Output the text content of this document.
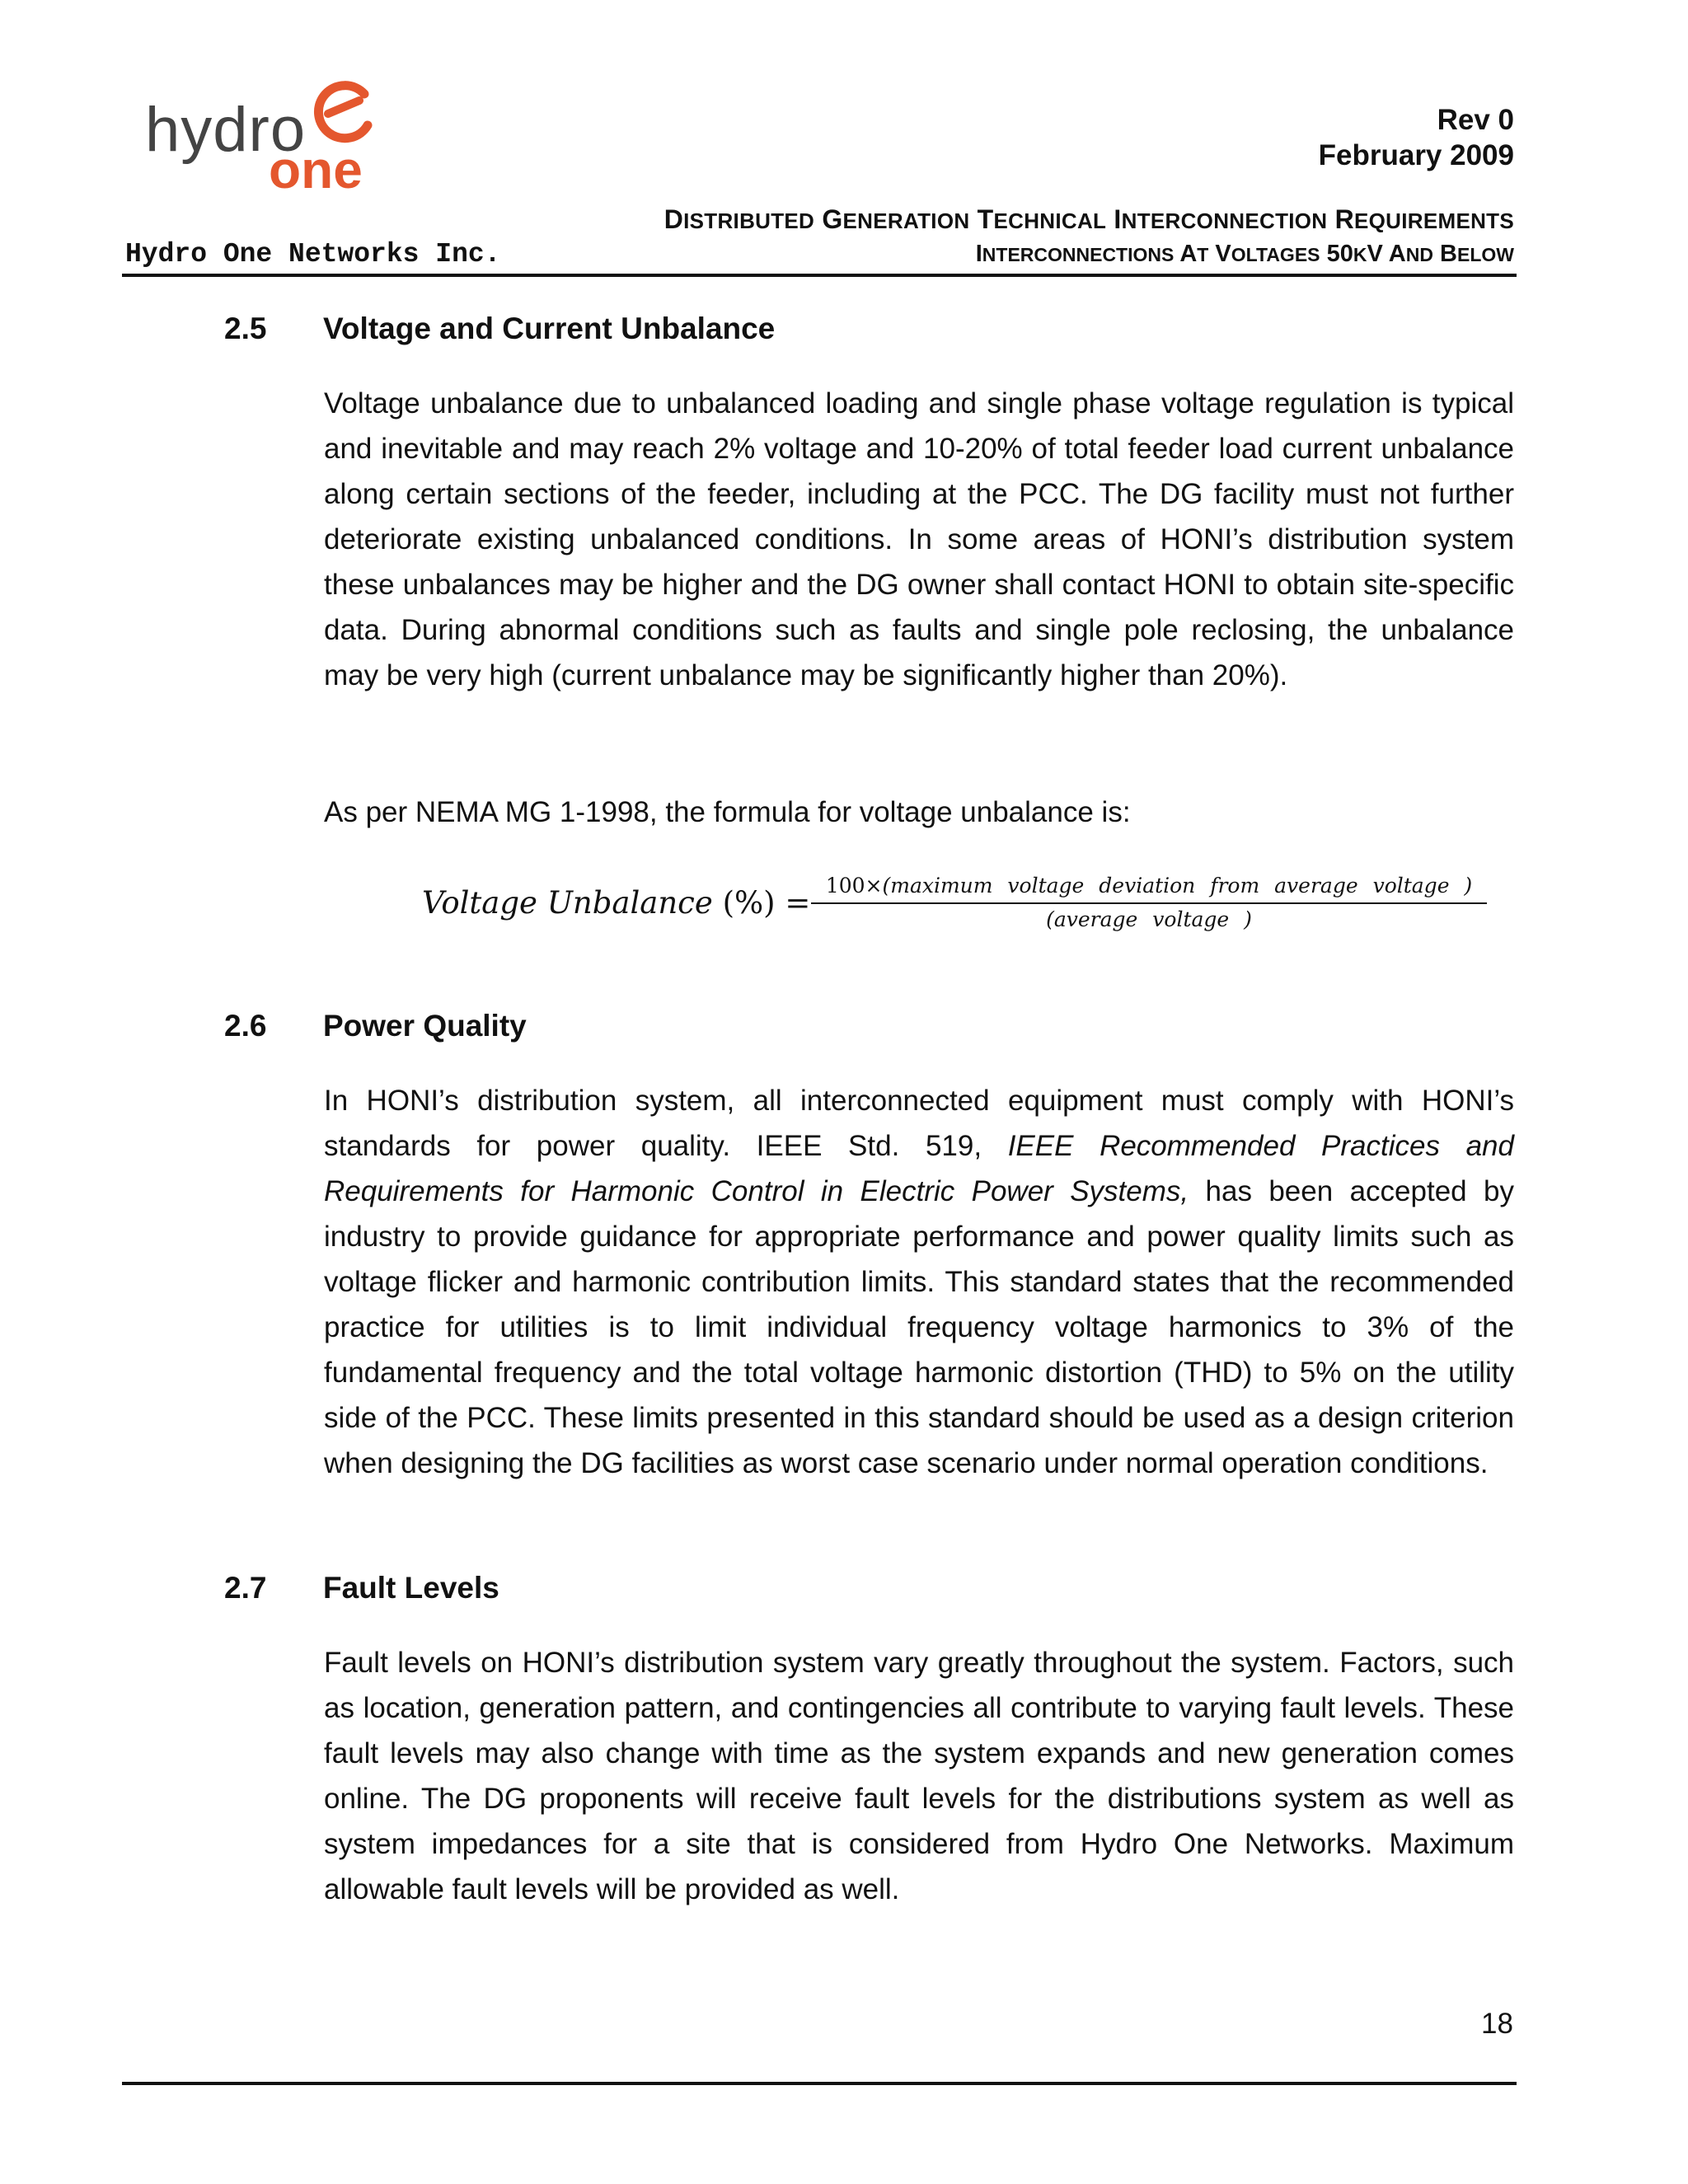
hydro
one
Rev 0
February 2009
DISTRIBUTED GENERATION TECHNICAL INTERCONNECTION REQUIREMENTS
Hydro One Networks Inc.	INTERCONNECTIONS AT VOLTAGES 50KV AND BELOW
2.5 Voltage and Current Unbalance

Voltage unbalance due to unbalanced loading and single phase voltage regulation is typical and inevitable and may reach 2% voltage and 10-20% of total feeder load current unbalance along certain sections of the feeder, including at the PCC. The DG facility must not further deteriorate existing unbalanced conditions. In some areas of HONI’s distribution system these unbalances may be higher and the DG owner shall contact HONI to obtain site-specific data. During abnormal conditions such as faults and single pole reclosing, the unbalance may be very high (current unbalance may be significantly higher than 20%).

As per NEMA MG 1-1998, the formula for voltage unbalance is:
Voltage Unbalance (%) = 100×(maximum voltage deviation from average voltage )
(average voltage )
2.6 Power Quality

In HONI’s distribution system, all interconnected equipment must comply with HONI’s standards for power quality. IEEE Std. 519, IEEE Recommended Practices and Requirements for Harmonic Control in Electric Power Systems, has been accepted by industry to provide guidance for appropriate performance and power quality limits such as voltage flicker and harmonic contribution limits. This standard states that the recommended practice for utilities is to limit individual frequency voltage harmonics to 3% of the fundamental frequency and the total voltage harmonic distortion (THD) to 5% on the utility side of the PCC. These limits presented in this standard should be used as a design criterion when designing the DG facilities as worst case scenario under normal operation conditions.

2.7 Fault Levels

Fault levels on HONI’s distribution system vary greatly throughout the system. Factors, such as location, generation pattern, and contingencies all contribute to varying fault levels. These fault levels may also change with time as the system expands and new generation comes online. The DG proponents will receive fault levels for the distributions system as well as system impedances for a site that is considered from Hydro One Networks. Maximum allowable fault levels will be provided as well.

18
